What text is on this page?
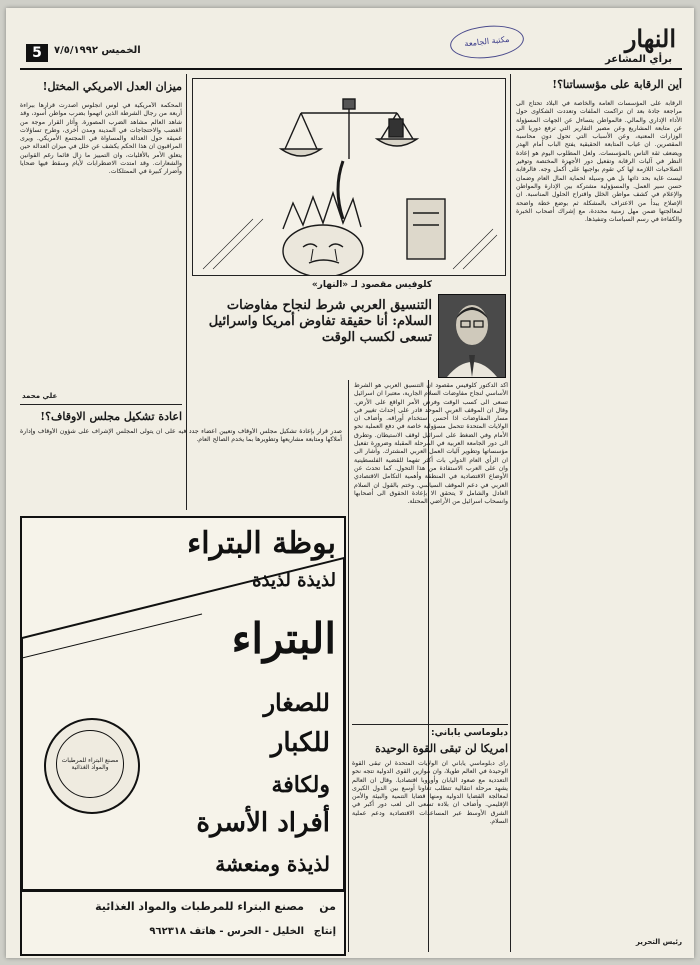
5	الخميس ٧/٥/١٩٩٢
مكتبة الجامعة	النهار
برأي المشاعر
أين الرقابة على مؤسساتنا؟!

الرقابة على المؤسسات العامة والخاصة في البلاد تحتاج الى مراجعة جادة بعد ان تراكمت الملفات وتعددت الشكاوى حول الأداء الإداري والمالي. فالمواطن يتساءل عن الجهات المسؤولة عن متابعة المشاريع وعن مصير التقارير التي ترفع دوريا الى الوزارات المعنية، وعن الأسباب التي تحول دون محاسبة المقصرين. ان غياب المتابعة الحقيقية يفتح الباب أمام الهدر ويضعف ثقة الناس بالمؤسسات. ولعل المطلوب اليوم هو إعادة النظر في آليات الرقابة وتفعيل دور الأجهزة المختصة وتوفير الصلاحيات اللازمة لها كي تقوم بواجبها على أكمل وجه. فالرقابة ليست غاية بحد ذاتها بل هي وسيلة لحماية المال العام وضمان حسن سير العمل. والمسؤولية مشتركة بين الإدارة والمواطن والإعلام في كشف مواطن الخلل واقتراح الحلول المناسبة. ان الإصلاح يبدأ من الاعتراف بالمشكلة ثم بوضع خطة واضحة لمعالجتها ضمن مهل زمنية محددة، مع إشراك أصحاب الخبرة والكفاءة في رسم السياسات وتنفيذها.

رئيس التحرير
ميزان العدل الامريكي المختل!

المحكمة الأمريكية في لوس انجلوس أصدرت قرارها ببراءة أربعة من رجال الشرطة الذين اتهموا بضرب مواطن أسود، وقد شاهد العالم مشاهد الضرب المصورة. وأثار القرار موجة من الغضب والاحتجاجات في المدينة ومدن أخرى، وطرح تساؤلات عميقة حول العدالة والمساواة في المجتمع الأمريكي. ويرى المراقبون ان هذا الحكم يكشف عن خلل في ميزان العدالة حين يتعلق الأمر بالأقليات، وان التمييز ما زال قائما رغم القوانين والشعارات. وقد امتدت الاضطرابات لأيام وسقط فيها ضحايا وأضرار كبيرة في الممتلكات.

علي محمد
اعادة تشكيل مجلس الاوقاف؟!

صدر قرار بإعادة تشكيل مجلس الأوقاف وتعيين أعضاء جدد فيه على ان يتولى المجلس الإشراف على شؤون الأوقاف وإدارة أملاكها ومتابعة مشاريعها وتطويرها بما يخدم الصالح العام.

كلوفيس مقصود لـ «النهار»
التنسيق العربي شرط لنجاح مفاوضات السلام: أنا حقيقة تفاوض أمريكا واسرائيل تسعى لكسب الوقت

أكد الدكتور كلوفيس مقصود ان التنسيق العربي هو الشرط الأساسي لنجاح مفاوضات السلام الجارية، معتبرا ان اسرائيل تسعى الى كسب الوقت وفرض الأمر الواقع على الأرض. وقال ان الموقف العربي الموحد قادر على إحداث تغيير في مسار المفاوضات اذا أحسن استخدام أوراقه. وأضاف ان الولايات المتحدة تتحمل مسؤولية خاصة في دفع العملية نحو الأمام وفي الضغط على اسرائيل لوقف الاستيطان. وتطرق الى دور الجامعة العربية في المرحلة المقبلة وضرورة تفعيل مؤسساتها وتطوير آليات العمل العربي المشترك. وأشار الى ان الرأي العام الدولي بات أكثر تفهما للقضية الفلسطينية وان على العرب الاستفادة من هذا التحول. كما تحدث عن الأوضاع الاقتصادية في المنطقة وأهمية التكامل الاقتصادي العربي في دعم الموقف السياسي. وختم بالقول ان السلام العادل والشامل لا يتحقق الا بإعادة الحقوق الى أصحابها وانسحاب اسرائيل من الأراضي المحتلة.

دبلوماسي ياباني:
امريكا لن تبقى القوة الوحيدة

رأى دبلوماسي ياباني ان الولايات المتحدة لن تبقى القوة الوحيدة في العالم طويلا، وان موازين القوى الدولية تتجه نحو التعددية مع صعود اليابان وأوروبا اقتصاديا. وقال ان العالم يشهد مرحلة انتقالية تتطلب تعاونا أوسع بين الدول الكبرى لمعالجة القضايا الدولية ومنها قضايا التنمية والبيئة والأمن الإقليمي. وأضاف ان بلاده تسعى الى لعب دور أكبر في الشرق الأوسط عبر المساعدات الاقتصادية ودعم عملية السلام.

بوظة البتراء
لذيذة لذيذة
البتراء
للصغار
للكبار
ولكافة
أفراد الأسرة
لذيذة ومنعشة
مصنع البتراء للمرطبات والمواد الغذائية
مصنع البتراء للمرطبات والمواد الغذائية من
الخليل - الحرس - هاتف ٩٦٢٣١٨ إنتاج
